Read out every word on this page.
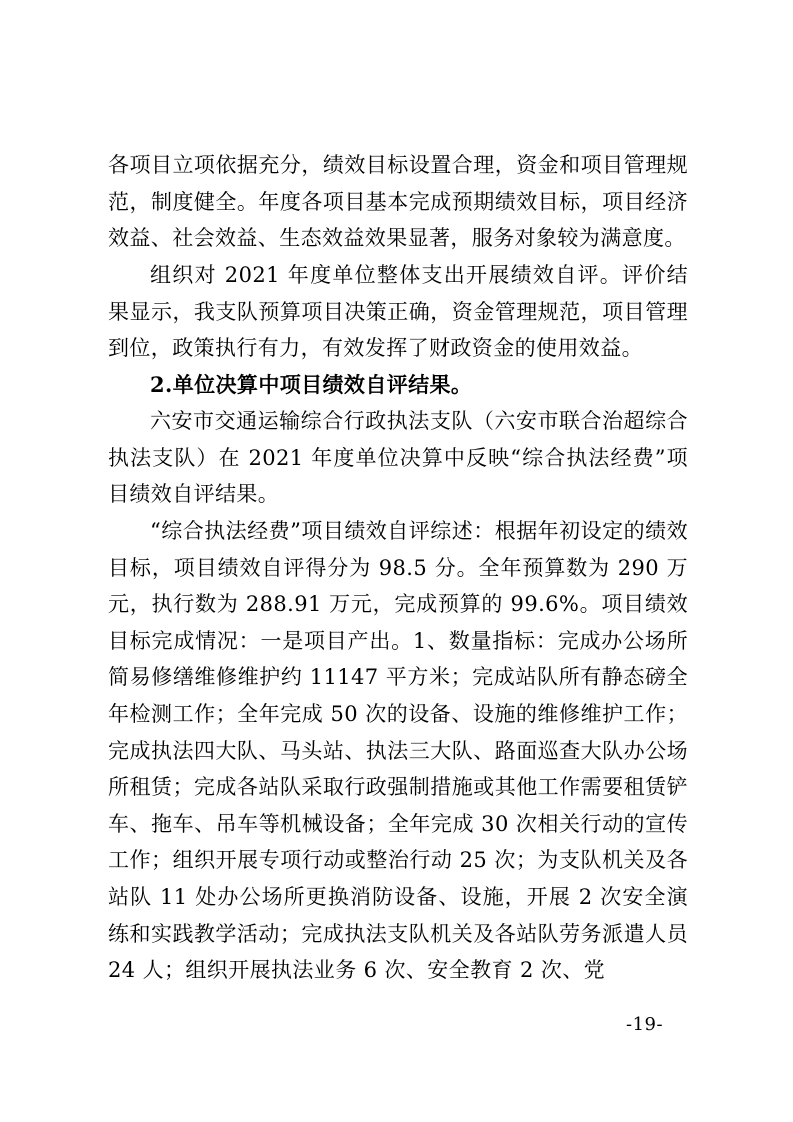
各项目立项依据充分，绩效目标设置合理，资金和项目管理规范，制度健全。年度各项目基本完成预期绩效目标，项目经济效益、社会效益、生态效益效果显著，服务对象较为满意度。

组织对 2021 年度单位整体支出开展绩效自评。评价结果显示，我支队预算项目决策正确，资金管理规范，项目管理到位，政策执行有力，有效发挥了财政资金的使用效益。

2.单位决算中项目绩效自评结果。

六安市交通运输综合行政执法支队（六安市联合治超综合执法支队）在 2021 年度单位决算中反映“综合执法经费”项目绩效自评结果。

“综合执法经费”项目绩效自评综述：根据年初设定的绩效目标，项目绩效自评得分为 98.5 分。全年预算数为 290 万元，执行数为 288.91 万元，完成预算的 99.6%。项目绩效目标完成情况：一是项目产出。1、数量指标：完成办公场所简易修缮维修维护约 11147 平方米；完成站队所有静态磅全年检测工作；全年完成 50 次的设备、设施的维修维护工作；完成执法四大队、马头站、执法三大队、路面巡查大队办公场所租赁；完成各站队采取行政强制措施或其他工作需要租赁铲车、拖车、吊车等机械设备；全年完成 30 次相关行动的宣传工作；组织开展专项行动或整治行动 25 次；为支队机关及各站队 11 处办公场所更换消防设备、设施，开展 2 次安全演练和实践教学活动；完成执法支队机关及各站队劳务派遣人员 24 人；组织开展执法业务 6 次、安全教育 2 次、党

-19-
